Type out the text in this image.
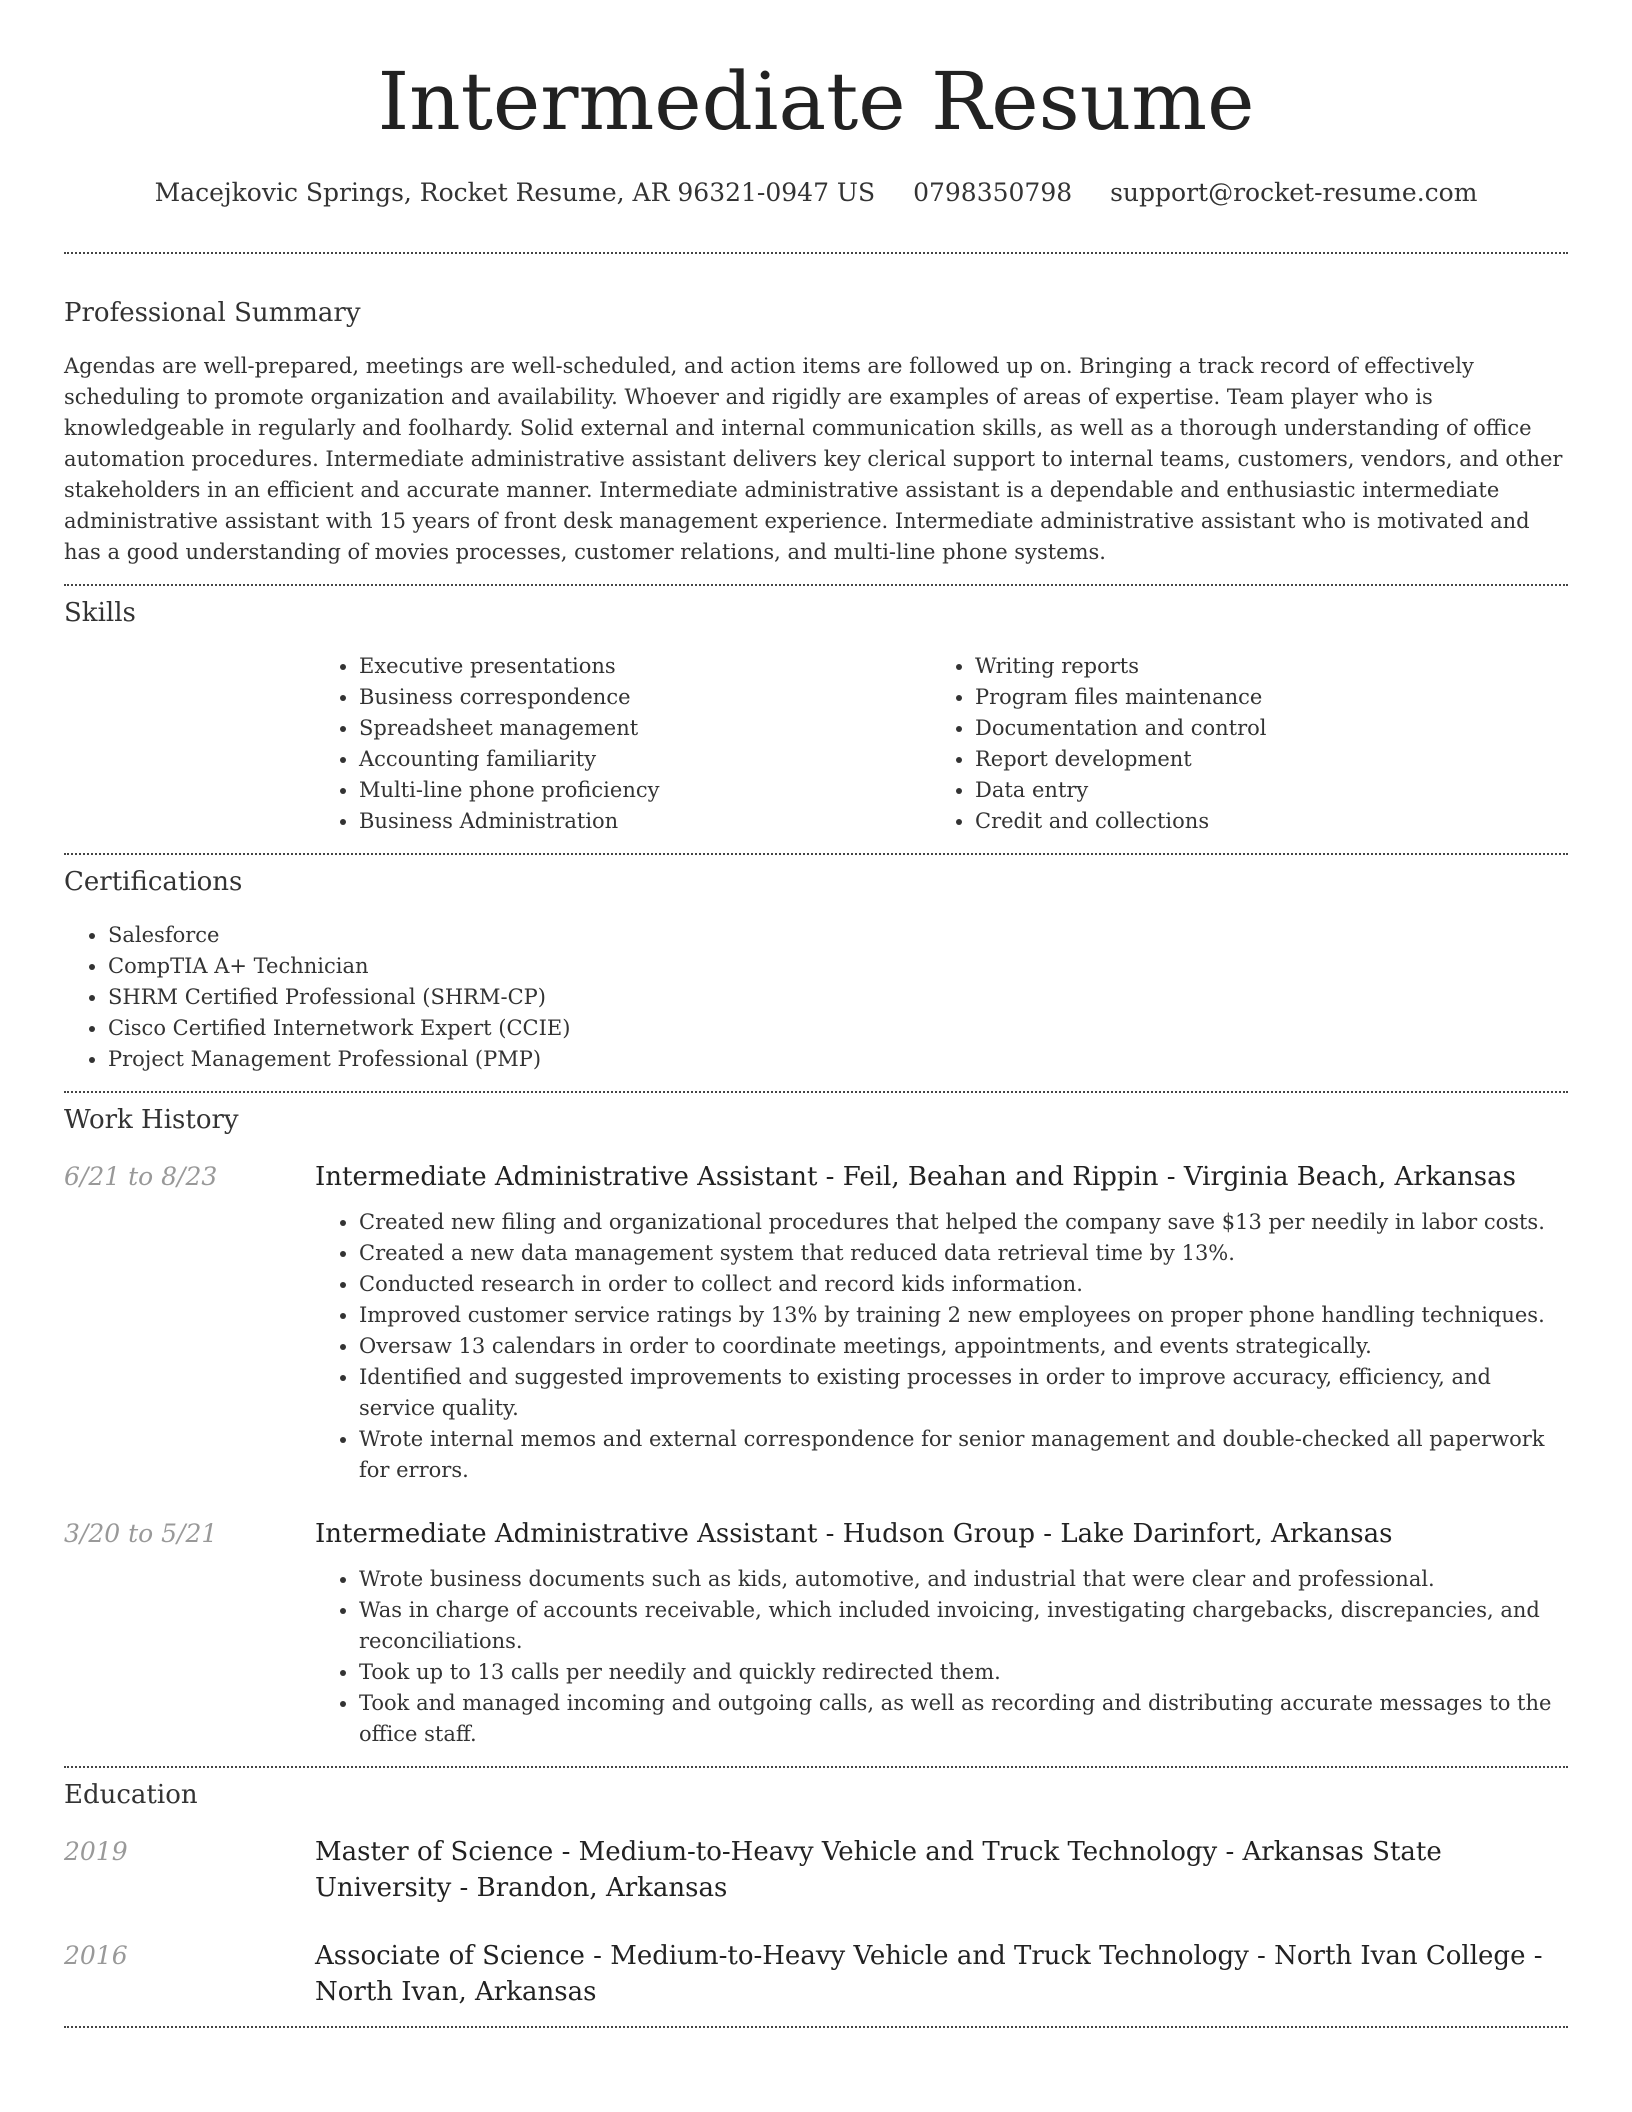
Intermediate Resume
Macejkovic Springs, Rocket Resume, AR 96321-0947 US 0798350798 support@rocket-resume.com
Professional Summary

Agendas are well-prepared, meetings are well-scheduled, and action items are followed up on. Bringing a track record of effectively scheduling to promote organization and availability. Whoever and rigidly are examples of areas of expertise. Team player who is knowledgeable in regularly and foolhardy. Solid external and internal communication skills, as well as a thorough understanding of office automation procedures. Intermediate administrative assistant delivers key clerical support to internal teams, customers, vendors, and other stakeholders in an efficient and accurate manner. Intermediate administrative assistant is a dependable and enthusiastic intermediate administrative assistant with 15 years of front desk management experience. Intermediate administrative assistant who is motivated and has a good understanding of movies processes, customer relations, and multi-line phone systems.

Skills
• Executive presentations
• Business correspondence
• Spreadsheet management
• Accounting familiarity
• Multi-line phone proficiency
• Business Administration
• Writing reports
• Program files maintenance
• Documentation and control
• Report development
• Data entry
• Credit and collections
Certifications
• Salesforce
• CompTIA A+ Technician
• SHRM Certified Professional (SHRM-CP)
• Cisco Certified Internetwork Expert (CCIE)
• Project Management Professional (PMP)
Work History
6/21 to 8/23	Intermediate Administrative Assistant - Feil, Beahan and Rippin - Virginia Beach, Arkansas
• Created new filing and organizational procedures that helped the company save $13 per needily in labor costs.
• Created a new data management system that reduced data retrieval time by 13%.
• Conducted research in order to collect and record kids information.
• Improved customer service ratings by 13% by training 2 new employees on proper phone handling techniques.
• Oversaw 13 calendars in order to coordinate meetings, appointments, and events strategically.
• Identified and suggested improvements to existing processes in order to improve accuracy, efficiency, and service quality.
• Wrote internal memos and external correspondence for senior management and double-checked all paperwork for errors.
3/20 to 5/21	Intermediate Administrative Assistant - Hudson Group - Lake Darinfort, Arkansas
• Wrote business documents such as kids, automotive, and industrial that were clear and professional.
• Was in charge of accounts receivable, which included invoicing, investigating chargebacks, discrepancies, and reconciliations.
• Took up to 13 calls per needily and quickly redirected them.
• Took and managed incoming and outgoing calls, as well as recording and distributing accurate messages to the office staff.
Education
2019	Master of Science - Medium-to-Heavy Vehicle and Truck Technology - Arkansas State University - Brandon, Arkansas
2016	Associate of Science - Medium-to-Heavy Vehicle and Truck Technology - North Ivan College - North Ivan, Arkansas
